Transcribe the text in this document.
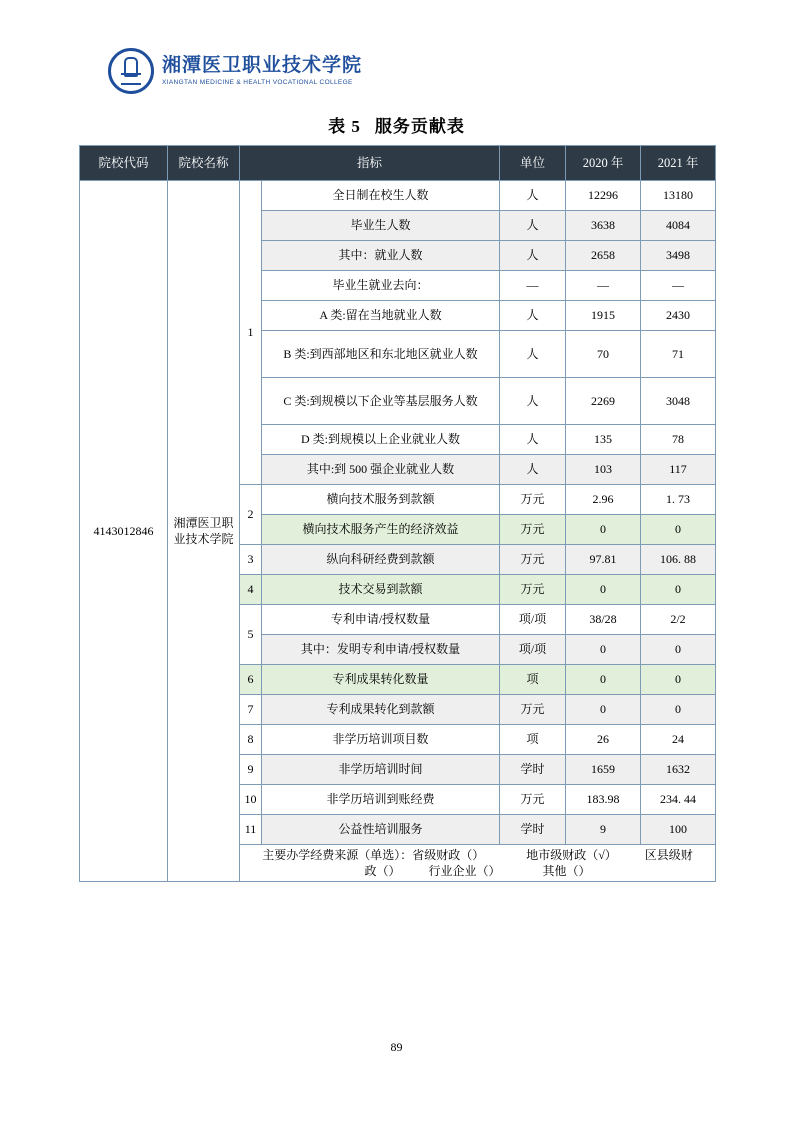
湘潭医卫职业技术学院
XIANGTAN MEDICINE & HEALTH VOCATIONAL COLLEGE
表 5 服务贡献表
院校代码	院校名称	指标		单位	2020 年	2021 年
4143012846	湘潭医卫职业技术学院	1	全日制在校生人数	人	12296	13180
			毕业生人数	人	3638	4084
			其中：就业人数	人	2658	3498
			毕业生就业去向：	—	—	—
			A 类:留在当地就业人数	人	1915	2430
			B 类:到西部地区和东北地区就业人数	人	70	71
			C 类:到规模以下企业等基层服务人数	人	2269	3048
			D 类:到规模以上企业就业人数	人	135	78
			其中:到 500 强企业就业人数	人	103	117
		2	横向技术服务到款额	万元	2.96	1. 73
			横向技术服务产生的经济效益	万元	0	0
		3	纵向科研经费到款额	万元	97.81	106. 88
		4	技术交易到款额	万元	0	0
		5	专利申请/授权数量	项/项	38/28	2/2
			其中：发明专利申请/授权数量	项/项	0	0
		6	专利成果转化数量	项	0	0
		7	专利成果转化到款额	万元	0	0
		8	非学历培训项目数	项	26	24
		9	非学历培训时间	学时	1659	1632
		10	非学历培训到账经费	万元	183.98	234. 44
		11	公益性培训服务	学时	9	100

		主要办学经费来源（单选）：省级财政（） 地市级财政（√） 区县级财
政（） 行业企业（） 其他（）				
89
